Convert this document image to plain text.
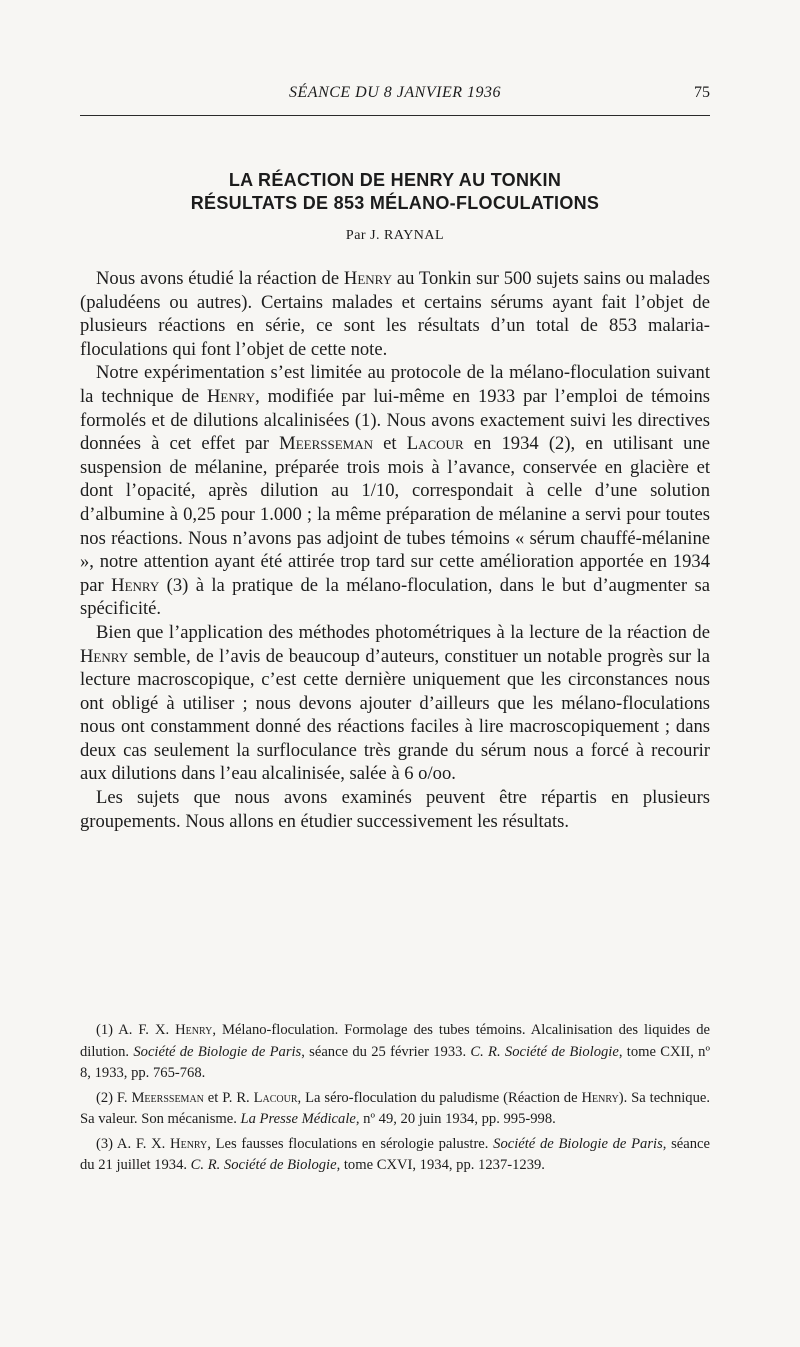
SÉANCE DU 8 JANVIER 1936	75
LA RÉACTION DE HENRY AU TONKIN
RÉSULTATS DE 853 MÉLANO-FLOCULATIONS
Par J. RAYNAL

Nous avons étudié la réaction de Henry au Tonkin sur 500 sujets sains ou malades (paludéens ou autres). Certains malades et certains sérums ayant fait l’objet de plusieurs réactions en série, ce sont les résultats d’un total de 853 malaria-floculations qui font l’objet de cette note.

Notre expérimentation s’est limitée au protocole de la mélano-floculation suivant la technique de Henry, modifiée par lui-même en 1933 par l’emploi de témoins formolés et de dilutions alcalinisées (1). Nous avons exactement suivi les directives données à cet effet par Meersseman et Lacour en 1934 (2), en utilisant une suspension de mélanine, préparée trois mois à l’avance, conservée en glacière et dont l’opacité, après dilution au 1/10, correspondait à celle d’une solution d’albumine à 0,25 pour 1.000 ; la même préparation de mélanine a servi pour toutes nos réactions. Nous n’avons pas adjoint de tubes témoins « sérum chauffé-mélanine », notre attention ayant été attirée trop tard sur cette amélioration apportée en 1934 par Henry (3) à la pratique de la mélano-floculation, dans le but d’augmenter sa spécificité.

Bien que l’application des méthodes photométriques à la lecture de la réaction de Henry semble, de l’avis de beaucoup d’auteurs, constituer un notable progrès sur la lecture macroscopique, c’est cette dernière uniquement que les circonstances nous ont obligé à utiliser ; nous devons ajouter d’ailleurs que les mélano-floculations nous ont constamment donné des réactions faciles à lire macroscopiquement ; dans deux cas seulement la surfloculance très grande du sérum nous a forcé à recourir aux dilutions dans l’eau alcalinisée, salée à 6 o/oo.

Les sujets que nous avons examinés peuvent être répartis en plusieurs groupements. Nous allons en étudier successivement les résultats.

(1) A. F. X. Henry, Mélano-floculation. Formolage des tubes témoins. Alcalinisation des liquides de dilution. Société de Biologie de Paris, séance du 25 février 1933. C. R. Société de Biologie, tome CXII, nº 8, 1933, pp. 765-768.

(2) F. Meersseman et P. R. Lacour, La séro-floculation du paludisme (Réaction de Henry). Sa technique. Sa valeur. Son mécanisme. La Presse Médicale, nº 49, 20 juin 1934, pp. 995-998.

(3) A. F. X. Henry, Les fausses floculations en sérologie palustre. Société de Biologie de Paris, séance du 21 juillet 1934. C. R. Société de Biologie, tome CXVI, 1934, pp. 1237-1239.
